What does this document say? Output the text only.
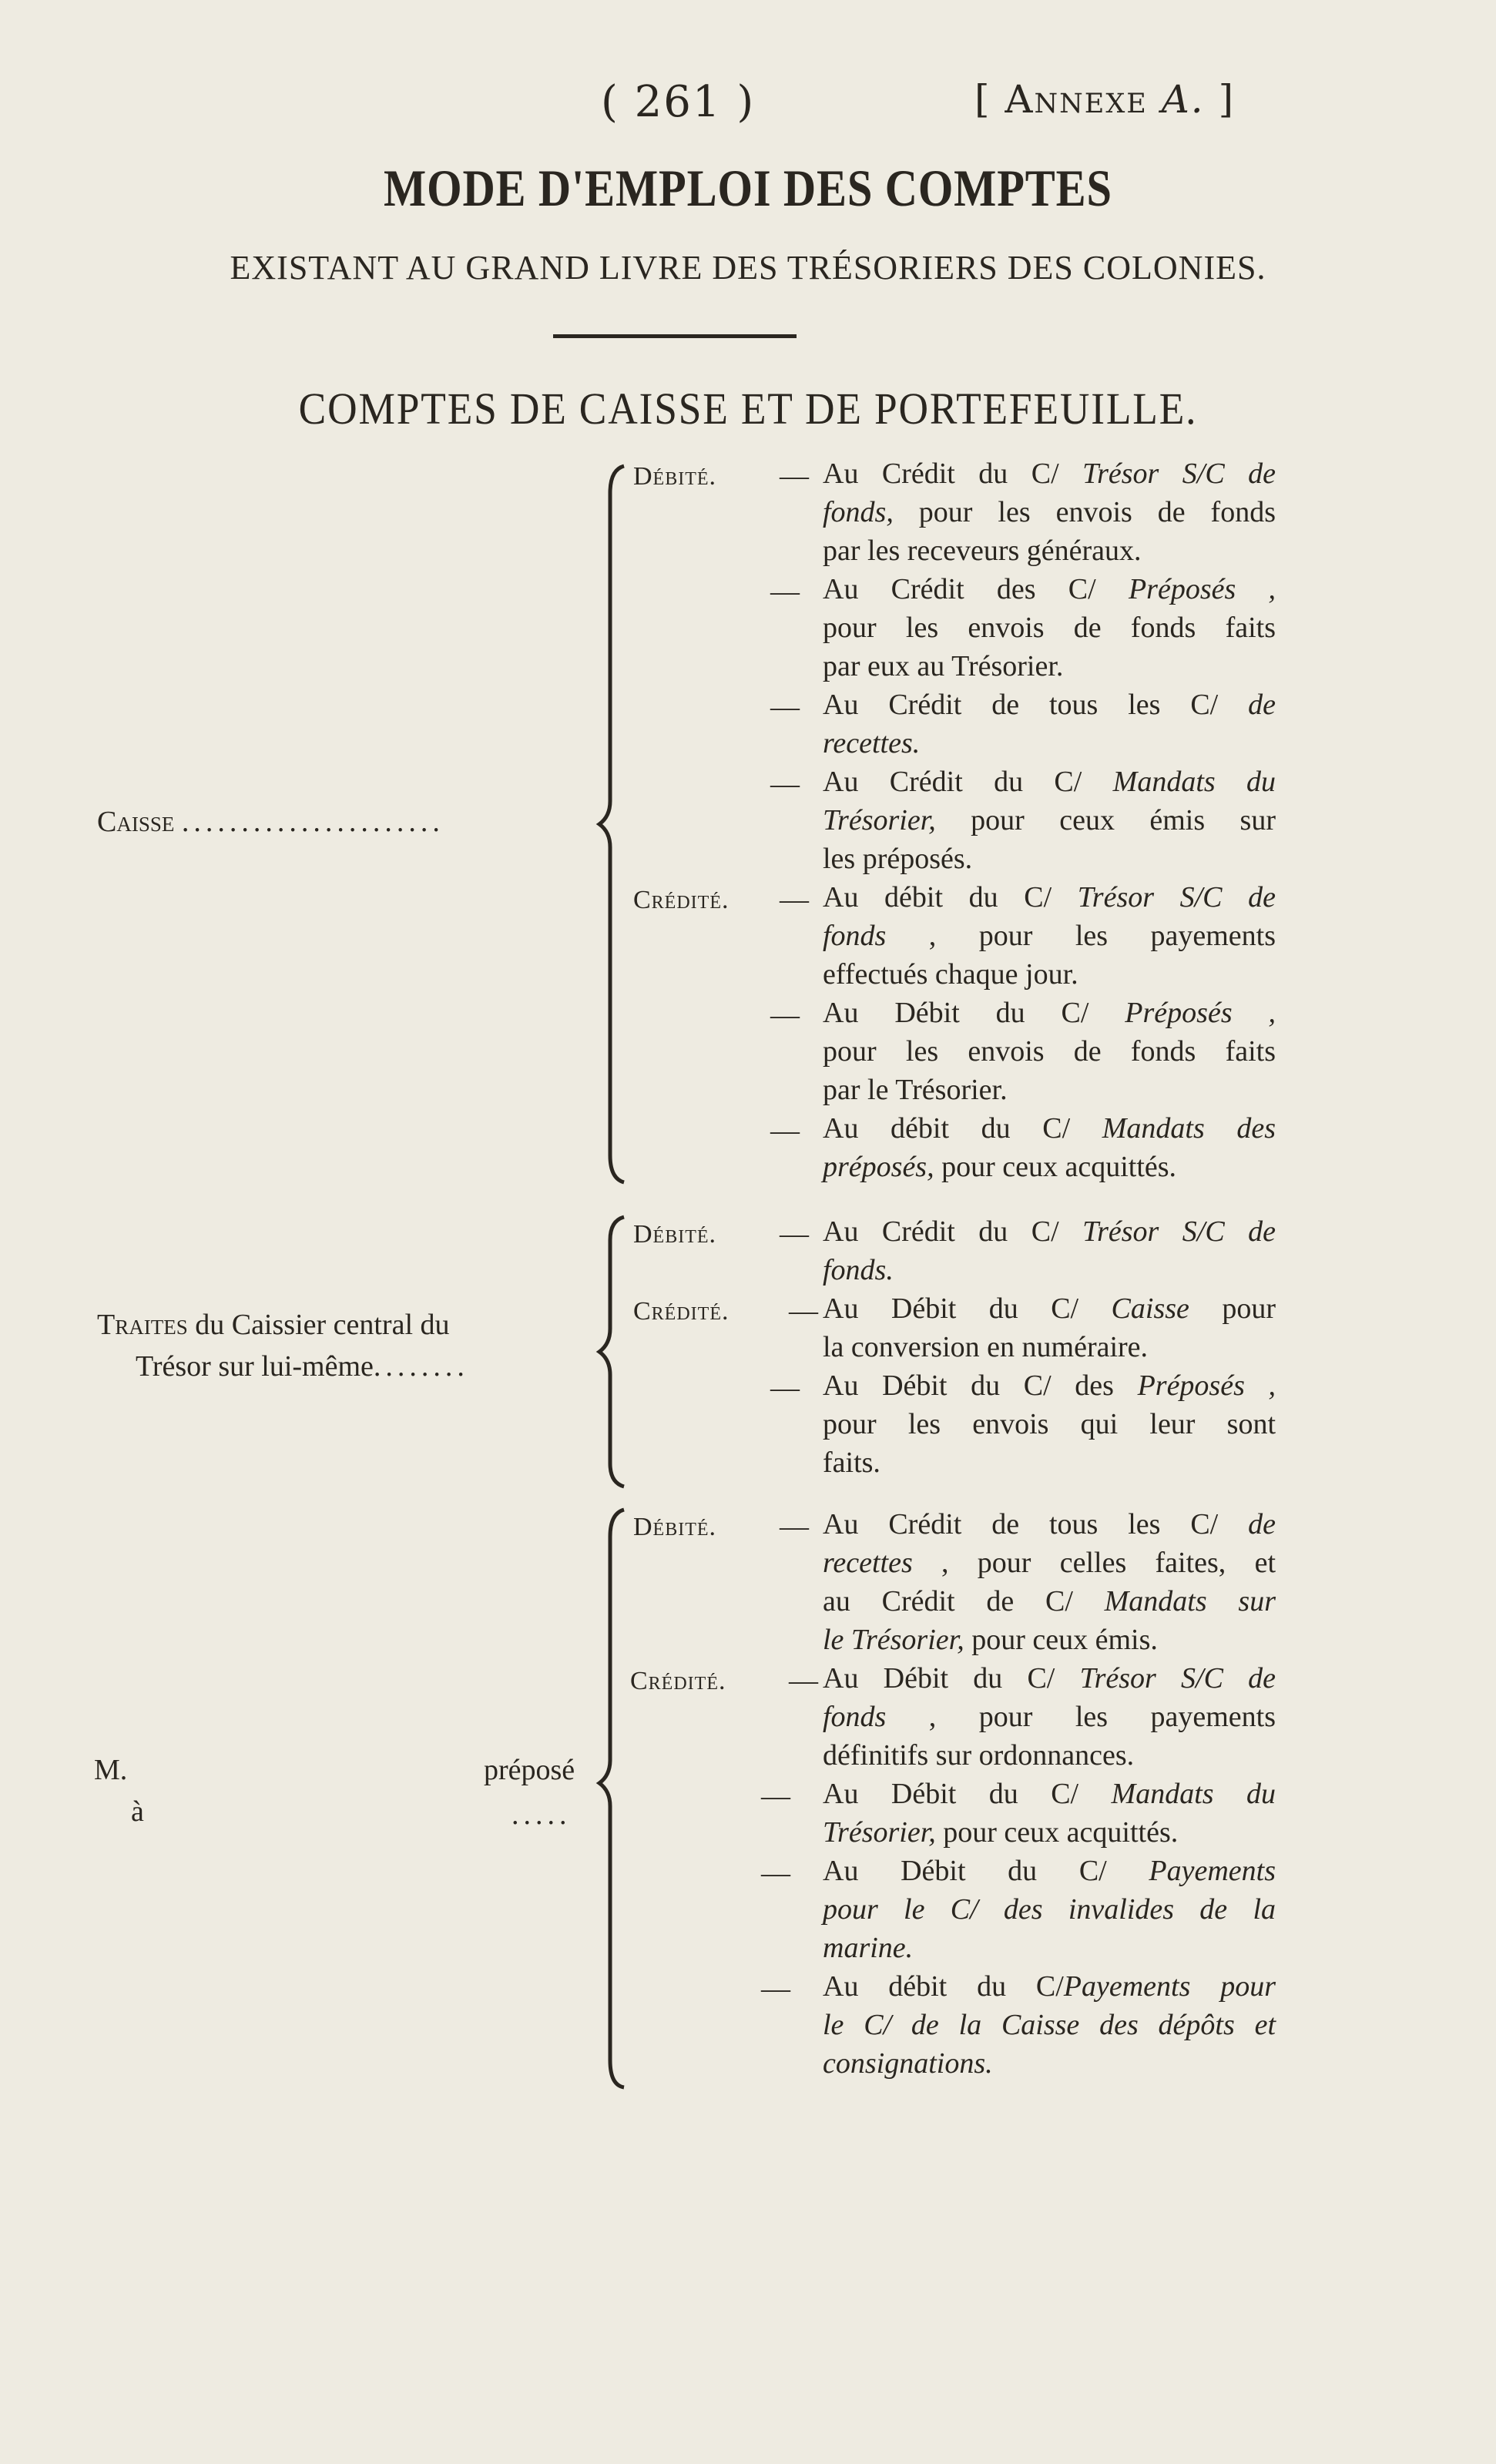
( 261 )	[ Annexe A. ]
MODE D'EMPLOI DES COMPTES
EXISTANT AU GRAND LIVRE DES TRÉSORIERS DES COLONIES.
COMPTES DE CAISSE ET DE PORTEFEUILLE.
Caisse ......................
Débité. — Au Crédit du C/ Trésor S/C de
fonds, pour les envois de fonds
par les receveurs généraux.
— Au Crédit des C/ Préposés ,
pour les envois de fonds faits
par eux au Trésorier.
— Au Crédit de tous les C/ de
recettes.
— Au Crédit du C/ Mandats du
Trésorier, pour ceux émis sur
les préposés.
Crédité. — Au débit du C/ Trésor S/C de
fonds , pour les payements
effectués chaque jour.
— Au Débit du C/ Préposés ,
pour les envois de fonds faits
par le Trésorier.
— Au débit du C/ Mandats des
préposés, pour ceux acquittés.
Traites du Caissier central du
Trésor sur lui-même........
Débité. — Au Crédit du C/ Trésor S/C de
fonds.
Crédité. — Au Débit du C/ Caisse pour
la conversion en numéraire.
— Au Débit du C/ des Préposés ,
pour les envois qui leur sont
faits.
M.
à
préposé
.....
Débité. — Au Crédit de tous les C/ de
recettes , pour celles faites, et
au Crédit de C/ Mandats sur
le Trésorier, pour ceux émis.
Crédité. — Au Débit du C/ Trésor S/C de
fonds , pour les payements
définitifs sur ordonnances.
— Au Débit du C/ Mandats du
Trésorier, pour ceux acquittés.
— Au Débit du C/ Payements
pour le C/ des invalides de la
marine.
— Au débit du C/Payements pour
le C/ de la Caisse des dépôts et
consignations.
